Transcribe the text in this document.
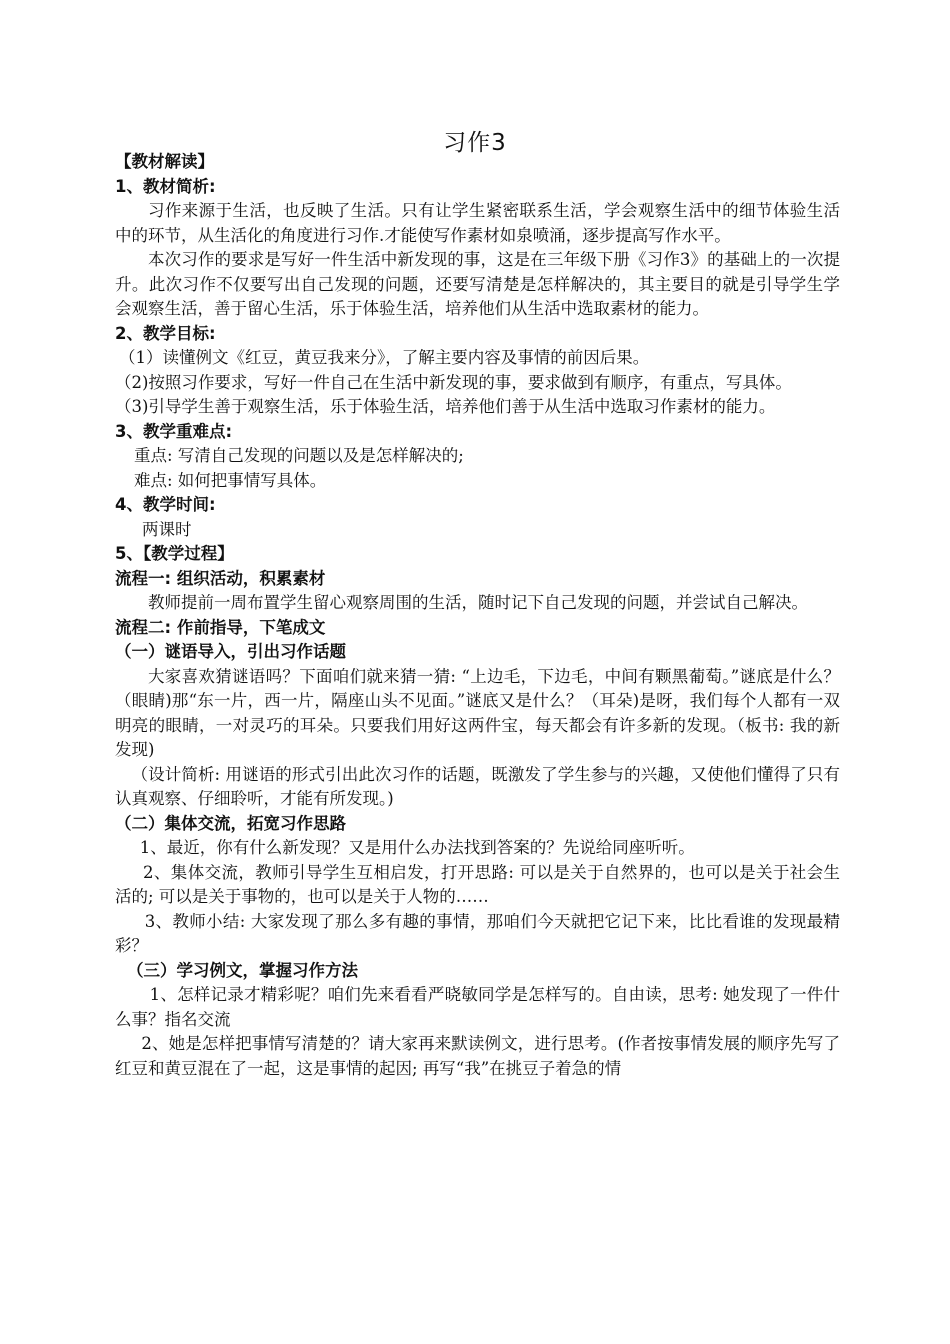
习作3
【教材解读】
1、教材简析:
习作来源于生活，也反映了生活。只有让学生紧密联系生活，学会观察生活中的细节体验生活中的环节，从生活化的角度进行习作.才能使写作素材如泉喷涌，逐步提高写作水平。
本次习作的要求是写好一件生活中新发现的事，这是在三年级下册《习作3》的基础上的一次提升。此次习作不仅要写出自己发现的问题，还要写清楚是怎样解决的，其主要目的就是引导学生学会观察生活，善于留心生活，乐于体验生活，培养他们从生活中选取素材的能力。
2、教学目标:
（1）读懂例文《红豆，黄豆我来分》，了解主要内容及事情的前因后果。
（2)按照习作要求，写好一件自己在生活中新发现的事，要求做到有顺序，有重点，写具体。
（3)引导学生善于观察生活，乐于体验生活，培养他们善于从生活中选取习作素材的能力。
3、教学重难点:
重点: 写清自己发现的问题以及是怎样解决的;
难点: 如何把事情写具体。
4、教学时间:
两课时
5、【教学过程】
流程一: 组织活动，积累素材
教师提前一周布置学生留心观察周围的生活，随时记下自己发现的问题，并尝试自己解决。
流程二: 作前指导，下笔成文
（一）谜语导入，引出习作话题
大家喜欢猜谜语吗？下面咱们就来猜一猜: “上边毛，下边毛，中间有颗黑葡萄。”谜底是什么？（眼睛)那“东一片，西一片，隔座山头不见面。”谜底又是什么？（耳朵)是呀，我们每个人都有一双明亮的眼睛，一对灵巧的耳朵。只要我们用好这两件宝，每天都会有许多新的发现。（板书: 我的新发现)
（设计简析: 用谜语的形式引出此次习作的话题，既激发了学生参与的兴趣，又使他们懂得了只有认真观察、仔细聆听，才能有所发现。)
（二）集体交流，拓宽习作思路
1、最近，你有什么新发现？又是用什么办法找到答案的？先说给同座听听。
2、集体交流，教师引导学生互相启发，打开思路: 可以是关于自然界的，也可以是关于社会生活的; 可以是关于事物的，也可以是关于人物的……
3、教师小结: 大家发现了那么多有趣的事情，那咱们今天就把它记下来，比比看谁的发现最精彩？
（三）学习例文，掌握习作方法
1、怎样记录才精彩呢？咱们先来看看严晓敏同学是怎样写的。自由读，思考: 她发现了一件什么事？指名交流
2、她是怎样把事情写清楚的？请大家再来默读例文，进行思考。(作者按事情发展的顺序先写了红豆和黄豆混在了一起，这是事情的起因; 再写“我”在挑豆子着急的情
